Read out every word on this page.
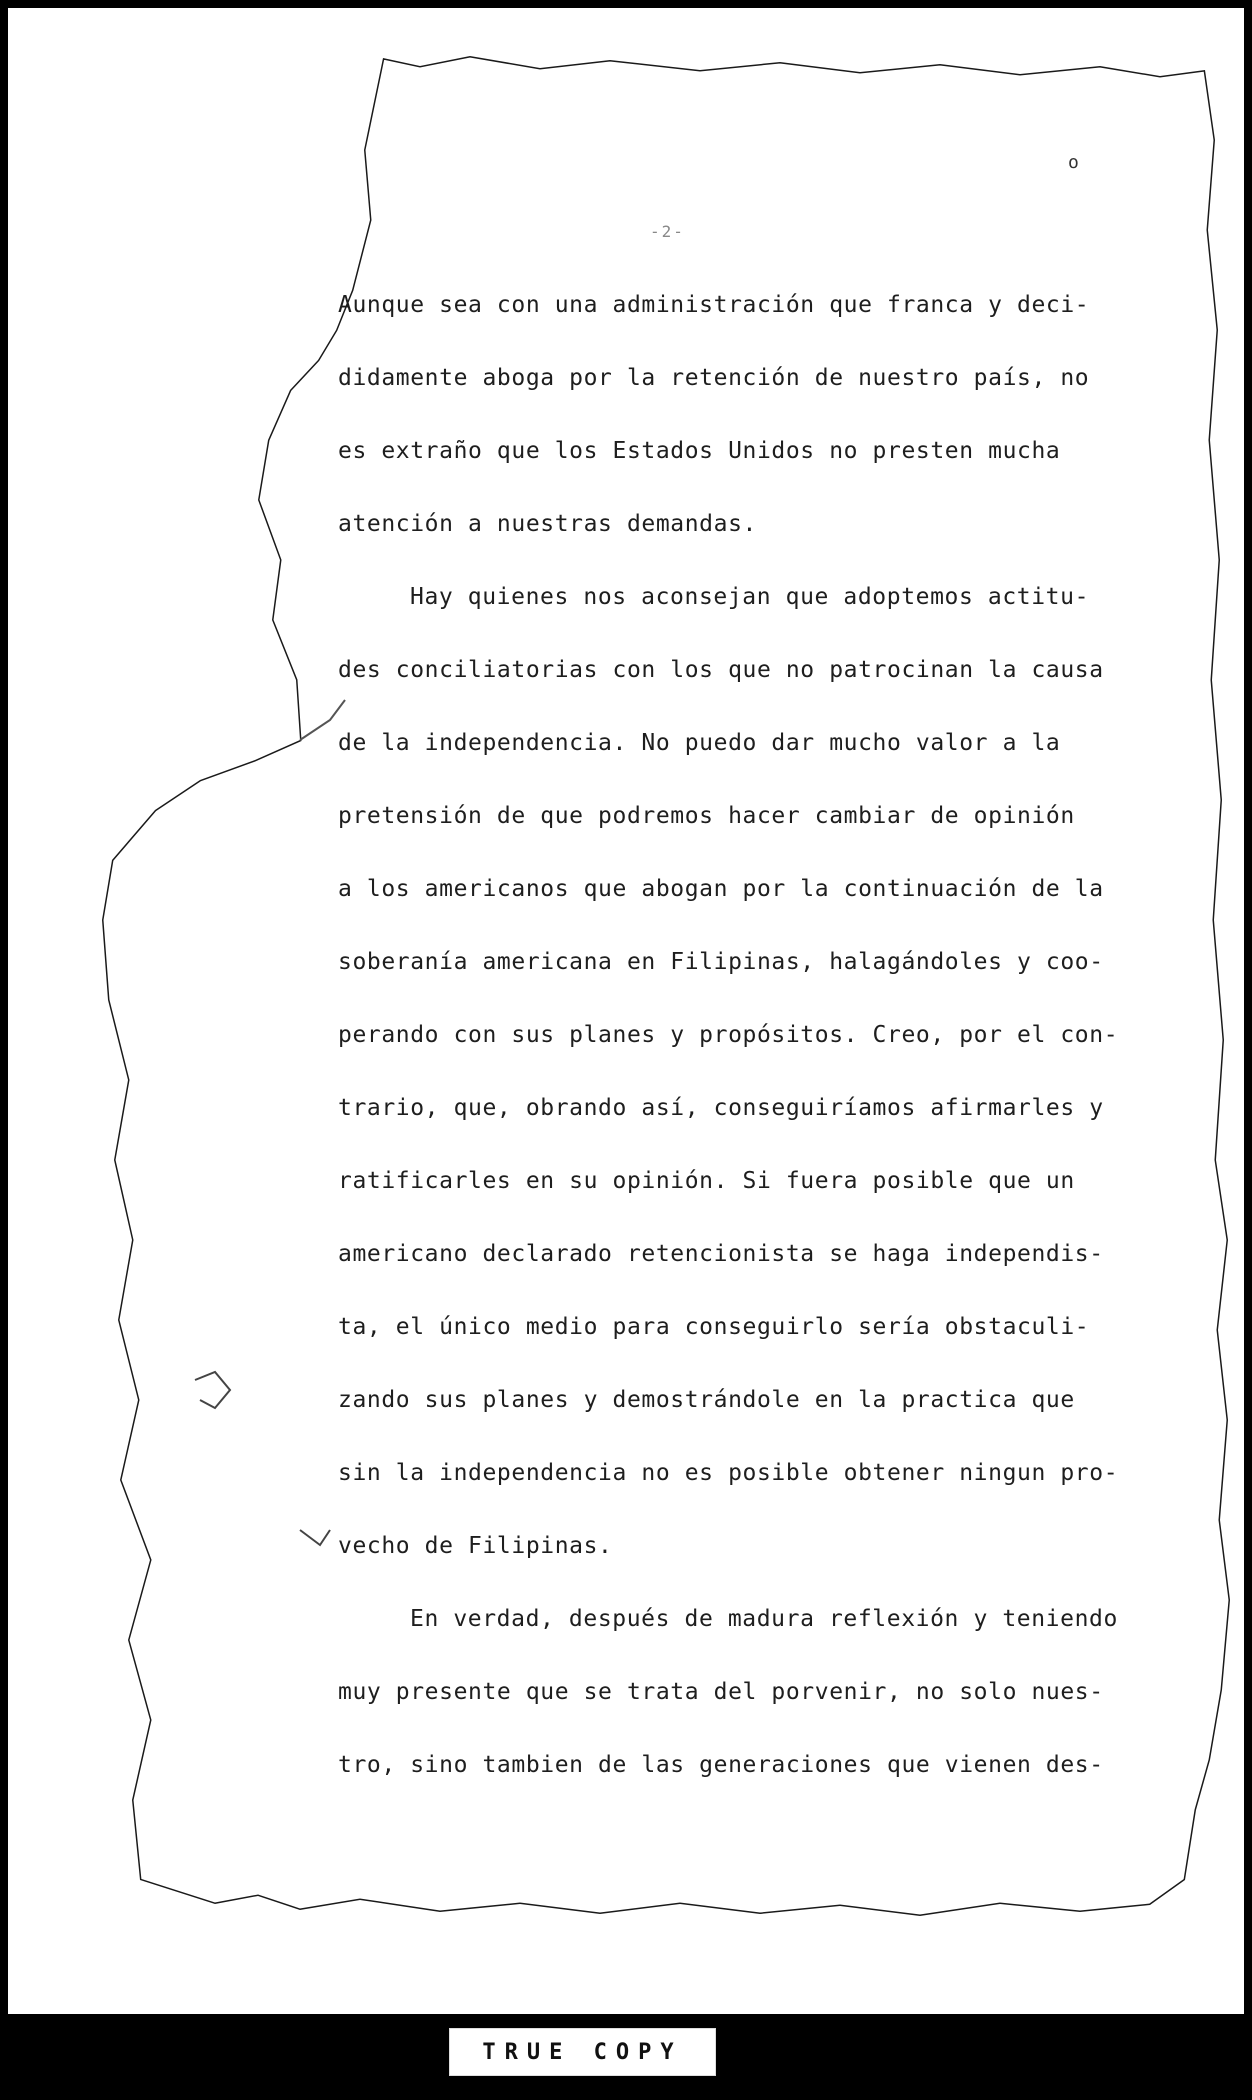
-2-
o
Aunque sea con una administración que franca y deci-
didamente aboga por la retención de nuestro país, no
es extraño que los Estados Unidos no presten mucha
atención a nuestras demandas.
Hay quienes nos aconsejan que adoptemos actitu-
des conciliatorias con los que no patrocinan la causa
de la independencia. No puedo dar mucho valor a la
pretensión de que podremos hacer cambiar de opinión
a los americanos que abogan por la continuación de la
soberanía americana en Filipinas, halagándoles y coo-
perando con sus planes y propósitos. Creo, por el con-
trario, que, obrando así, conseguiríamos afirmarles y
ratificarles en su opinión. Si fuera posible que un
americano declarado retencionista se haga independis-
ta, el único medio para conseguirlo sería obstaculi-
zando sus planes y demostrándole en la practica que
sin la independencia no es posible obtener ningun pro-
vecho de Filipinas.
En verdad, después de madura reflexión y teniendo
muy presente que se trata del porvenir, no solo nues-
tro, sino tambien de las generaciones que vienen des-
TRUE COPY
